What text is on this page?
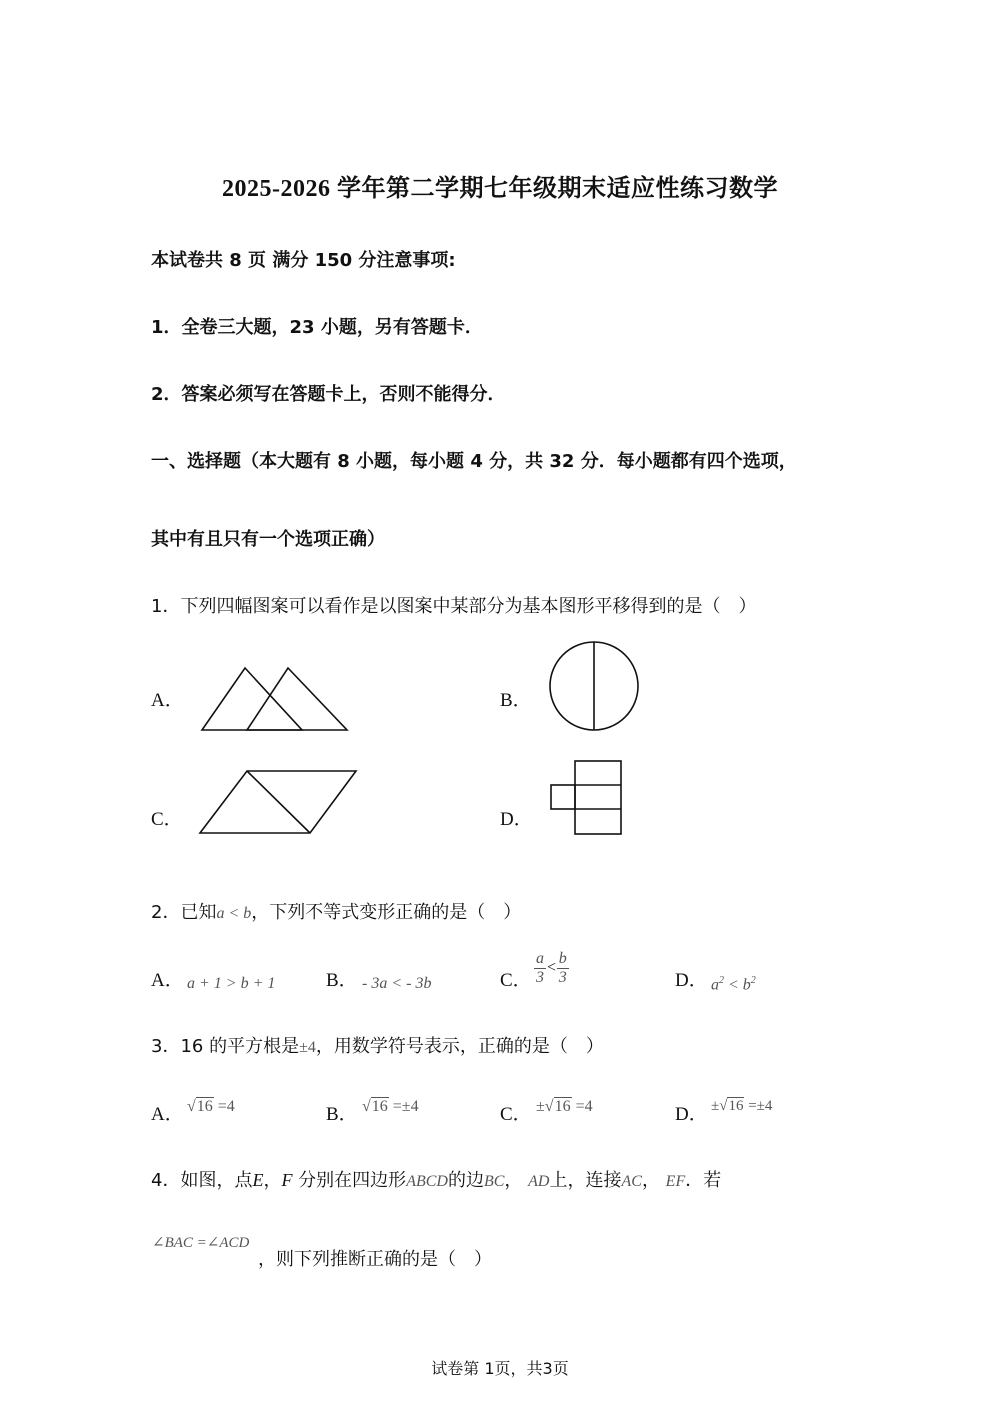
2025-2026 学年第二学期七年级期末适应性练习数学
本试卷共 8 页 满分 150 分注意事项:
1．全卷三大题，23 小题，另有答题卡．
2．答案必须写在答题卡上，否则不能得分．
一、选择题（本大题有 8 小题，每小题 4 分，共 32 分．每小题都有四个选项，
其中有且只有一个选项正确）
1．下列四幅图案可以看作是以图案中某部分为基本图形平移得到的是（　）
A．	B．
C．	D．
2．已知a < b，下列不等式变形正确的是（　）
A． a + 1 > b + 1	B． - 3a < - 3b	C． $\frac{a}{3} < \frac{b}{3}$	D． $a^2 < b^2$
3．16 的平方根是±4，用数学符号表示，正确的是（　）
A． √16 =4	B． √16 =±4	C． ±√16 =4	D． ±√16 =±4
4．如图，点E，F 分别在四边形ABCD的边BC， AD上，连接AC， EF．若
∠BAC =∠ACD
，则下列推断正确的是（　）
试卷第 1页，共3页
